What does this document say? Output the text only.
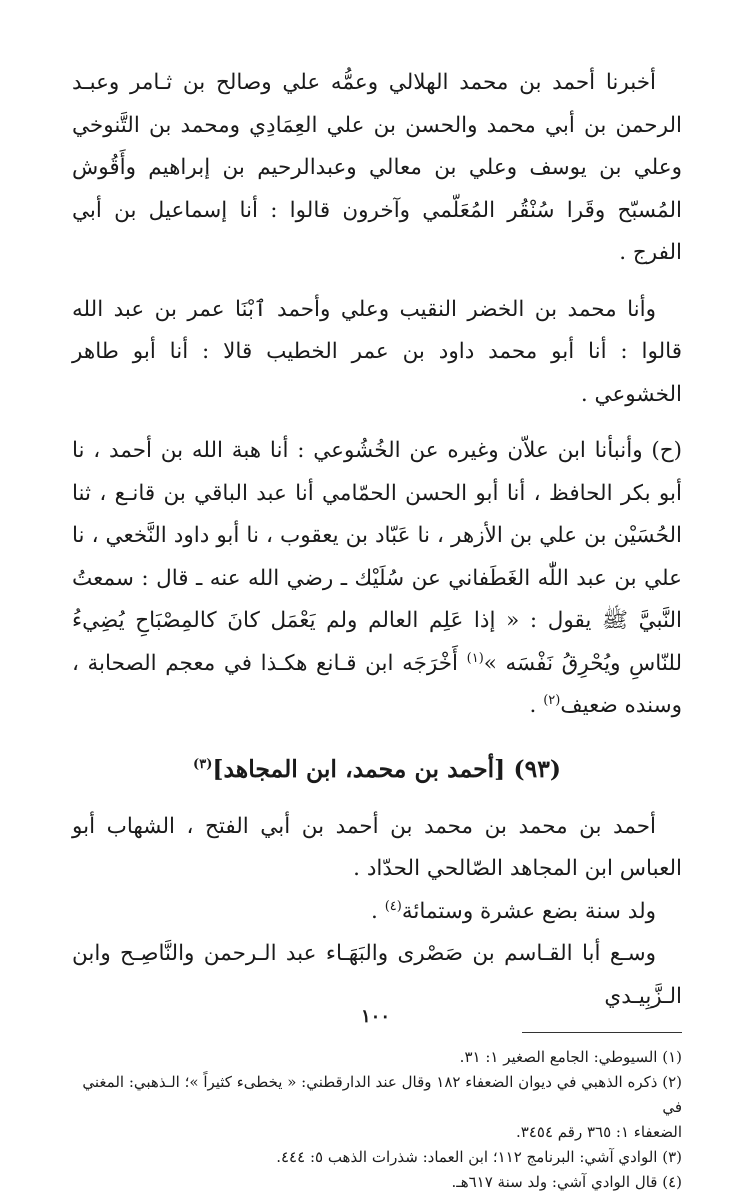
أخبرنا أحمد بن محمد الهلالي وعمُّه علي وصالح بن ثـامر وعبـد الرحمن بن أبي محمد والحسن بن علي العِمَادِي ومحمد بن التَّنوخي وعلي بن يوسف وعلي بن معالي وعبدالرحيم بن إبراهيم وأَقُوش المُسبّح وقَرا سُنْقُر المُعَلّمي وآخرون قالوا : أنا إسماعيل بن أبي الفرج .

وأنا محمد بن الخضر النقيب وعلي وأحمد ٱبْنَا عمر بن عبد الله قالوا : أنا أبو محمد داود بن عمر الخطيب قالا : أنا أبو طاهر الخشوعي .

(ح) وأنبأنا ابن علاّن وغيره عن الخُشُوعي : أنا هبة الله بن أحمد ، نا أبو بكر الحافظ ، أنا أبو الحسن الحمّامي أنا عبد الباقي بن قانـع ، ثنا الحُسَيْن بن علي بن الأزهر ، نا عَبّاد بن يعقوب ، نا أبو داود النَّخعي ، نا علي بن عبد اللّٰه الغَطَفاني عن سُلَيْك ـ رضي الله عنه ـ قال : سمعتُ النَّبيَّ ﷺ يقول : « إذا عَلِم العالم ولم يَعْمَل كانَ كالمِصْبَاحِ يُضِيءُ للنّاسِ ويُحْرِقُ نَفْسَه »$^{(١)}$ أَخْرَجَه ابن قـانع هكـذا في معجم الصحابة ، وسنده ضعيف$^{(٢)}$ .

(٩٣) [أحمد بن محمد، ابن المجاهد]$^{(٣)}$

أحمد بن محمد بن محمد بن أحمد بن أبي الفتح ، الشهاب أبو العباس ابن المجاهد الصّالحي الحدّاد .

ولد سنة بضع عشرة وستمائة$^{(٤)}$ .

وسـع أبا القـاسم بن صَصْرى والبَهَـاء عبد الـرحمن والنَّاصِـح وابن الـزَّبِيـدي

(١) السيوطي: الجامع الصغير ١: ٣١.

(٢) ذكره الذهبي في ديوان الضعفاء ١٨٢ وقال عند الدارقطني: « يخطىء كثيراً »؛ الـذهبي: المغني في

الضعفاء ١: ٣٦٥ رقم ٣٤٥٤.

(٣) الوادي آشي: البرنامج ١١٢؛ ابن العماد: شذرات الذهب ٥: ٤٤٤.

(٤) قال الوادي آشي: ولد سنة ٦١٧هـ.

١٠٠
